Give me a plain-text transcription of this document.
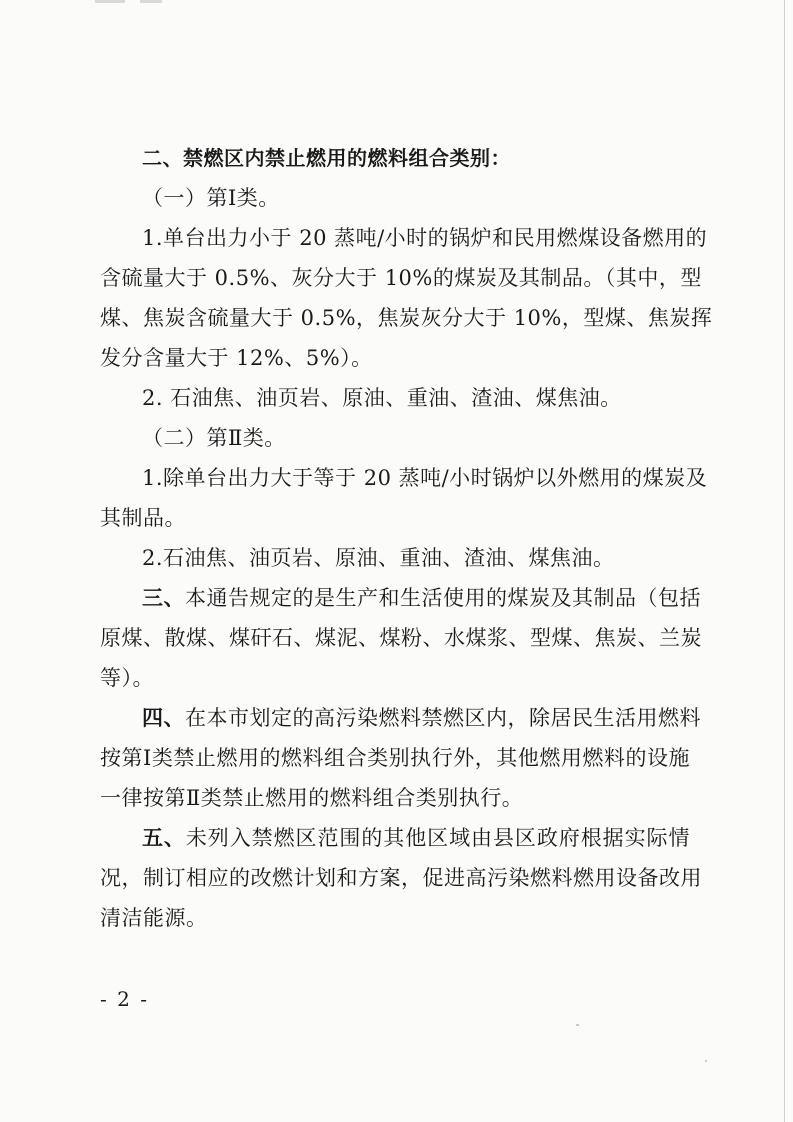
二、禁燃区内禁止燃用的燃料组合类别：
（一）第Ⅰ类。
1.单台出力小于 20 蒸吨/小时的锅炉和民用燃煤设备燃用的
含硫量大于 0.5%、灰分大于 10%的煤炭及其制品。（其中，型
煤、焦炭含硫量大于 0.5%，焦炭灰分大于 10%，型煤、焦炭挥
发分含量大于 12%、5%）。
2. 石油焦、油页岩、原油、重油、渣油、煤焦油。
（二）第Ⅱ类。
1.除单台出力大于等于 20 蒸吨/小时锅炉以外燃用的煤炭及
其制品。
2.石油焦、油页岩、原油、重油、渣油、煤焦油。
三、本通告规定的是生产和生活使用的煤炭及其制品（包括
原煤、散煤、煤矸石、煤泥、煤粉、水煤浆、型煤、焦炭、兰炭
等）。
四、在本市划定的高污染燃料禁燃区内，除居民生活用燃料
按第Ⅰ类禁止燃用的燃料组合类别执行外，其他燃用燃料的设施
一律按第Ⅱ类禁止燃用的燃料组合类别执行。
五、未列入禁燃区范围的其他区域由县区政府根据实际情
况，制订相应的改燃计划和方案，促进高污染燃料燃用设备改用
清洁能源。
- 2 -
